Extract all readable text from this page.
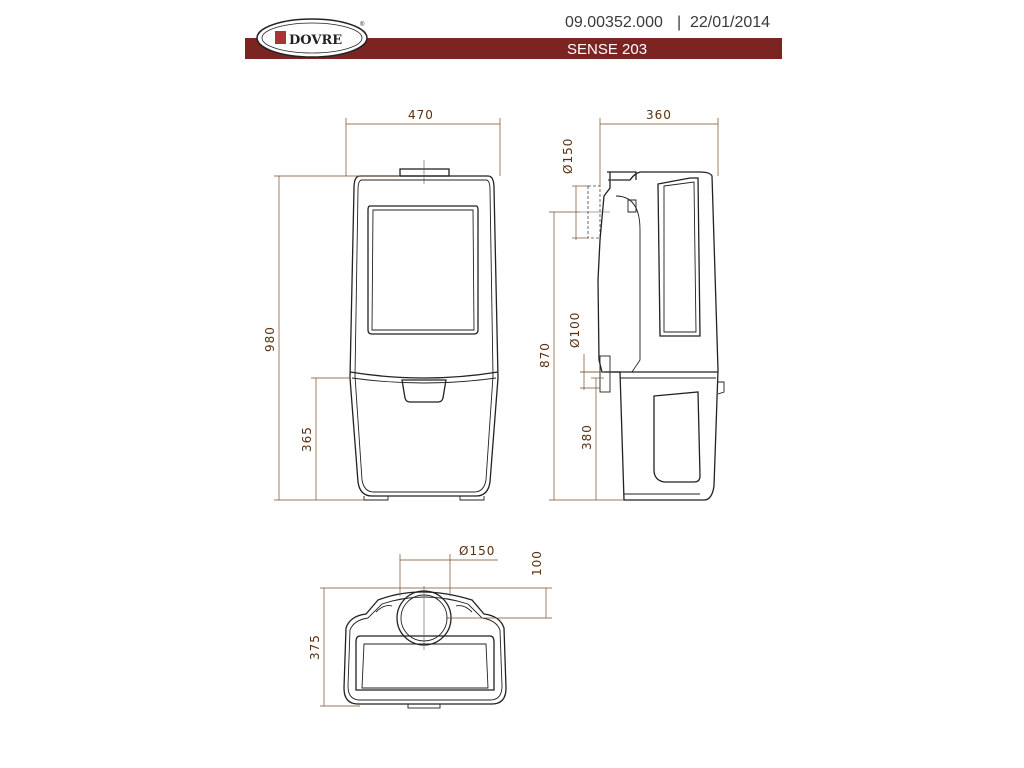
DOVRE
®	09.00352.000 | 22/01/2014
SENSE 203
470
980
365
360
Ø150
870
Ø100
380
Ø150	100
375
